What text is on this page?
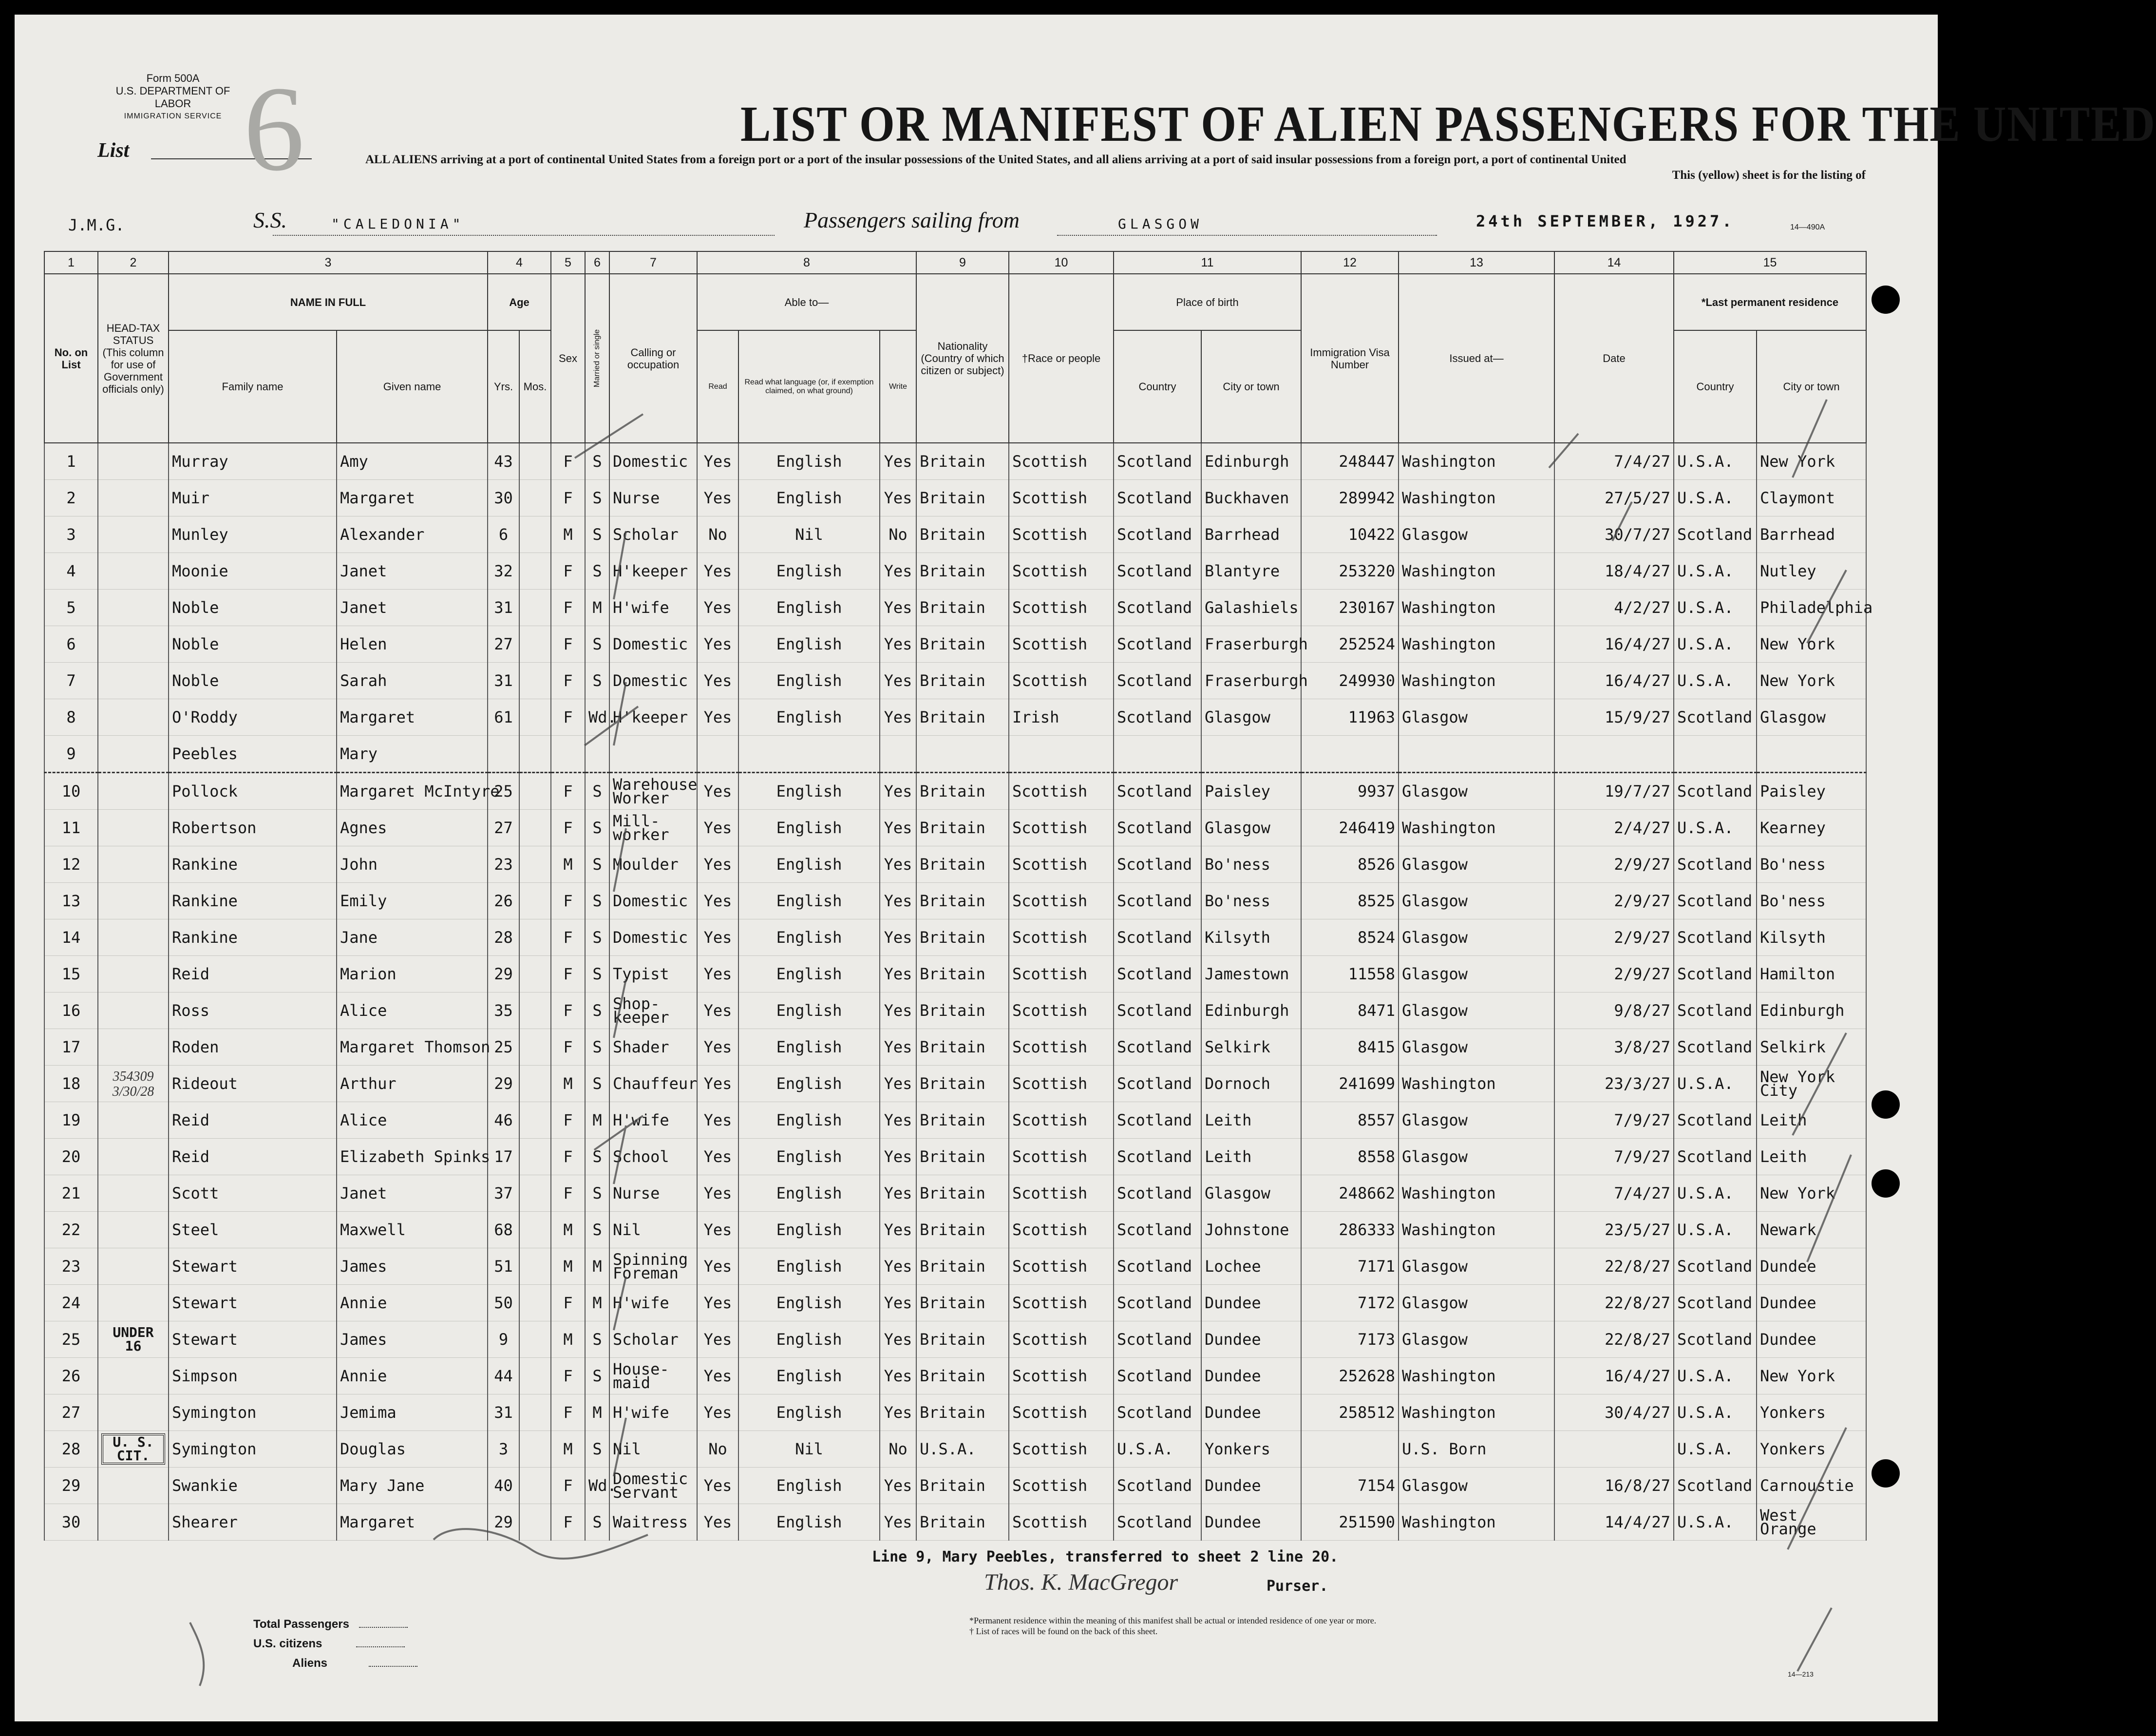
Form 500A
U.S. DEPARTMENT OF LABOR
IMMIGRATION SERVICE
List 6	LIST OR MANIFEST OF ALIEN PASSENGERS FOR THE UNITED
ALL ALIENS arriving at a port of continental United States from a foreign port or a port of the insular possessions of the United States, and all aliens arriving at a port of said insular possessions from a foreign port, a port of continental United
This (yellow) sheet is for the listing of
J.M.G.	S.S.	"CALEDONIA"	Passengers sailing from	GLASGOW	24th SEPTEMBER, 1927.	14—490A
1	2	3		4		5	6	7	8			9	10	11		12	13	14	15	
No. on List	HEAD-TAX STATUS
(This column for use of Government officials only)	NAME IN FULL		Age		Sex	Married or single	Calling or occupation	Able to—			Nationality (Country of which citizen or subject)	†Race or people	Place of birth		Immigration Visa Number	Issued at—	Date	*Last permanent residence	
		Family name	Given name	Yrs.	Mos.				Read	Read what language (or, if exemption claimed, on what ground)	Write			Country	City or town				Country	City or town
1		Murray	Amy	43		F	S	Domestic	Yes	English	Yes	Britain	Scottish	Scotland	Edinburgh	248447	Washington	7/4/27	U.S.A.	New York
2		Muir	Margaret	30		F	S	Nurse	Yes	English	Yes	Britain	Scottish	Scotland	Buckhaven	289942	Washington	27/5/27	U.S.A.	Claymont
3		Munley	Alexander	6		M	S	Scholar	No	Nil	No	Britain	Scottish	Scotland	Barrhead	10422	Glasgow	30/7/27	Scotland	Barrhead
4		Moonie	Janet	32		F	S	H'keeper	Yes	English	Yes	Britain	Scottish	Scotland	Blantyre	253220	Washington	18/4/27	U.S.A.	Nutley
5		Noble	Janet	31		F	M	H'wife	Yes	English	Yes	Britain	Scottish	Scotland	Galashiels	230167	Washington	4/2/27	U.S.A.	Philadelphia
6		Noble	Helen	27		F	S	Domestic	Yes	English	Yes	Britain	Scottish	Scotland	Fraserburgh	252524	Washington	16/4/27	U.S.A.	New York
7		Noble	Sarah	31		F	S	Domestic	Yes	English	Yes	Britain	Scottish	Scotland	Fraserburgh	249930	Washington	16/4/27	U.S.A.	New York
8		O'Roddy	Margaret	61		F	Wd.	H'keeper	Yes	English	Yes	Britain	Irish	Scotland	Glasgow	11963	Glasgow	15/9/27	Scotland	Glasgow
9		Peebles	Mary																	
10		Pollock	Margaret McIntyre	25		F	S	Warehouse Worker	Yes	English	Yes	Britain	Scottish	Scotland	Paisley	9937	Glasgow	19/7/27	Scotland	Paisley
11		Robertson	Agnes	27		F	S	Mill-worker	Yes	English	Yes	Britain	Scottish	Scotland	Glasgow	246419	Washington	2/4/27	U.S.A.	Kearney
12		Rankine	John	23		M	S	Moulder	Yes	English	Yes	Britain	Scottish	Scotland	Bo'ness	8526	Glasgow	2/9/27	Scotland	Bo'ness
13		Rankine	Emily	26		F	S	Domestic	Yes	English	Yes	Britain	Scottish	Scotland	Bo'ness	8525	Glasgow	2/9/27	Scotland	Bo'ness
14		Rankine	Jane	28		F	S	Domestic	Yes	English	Yes	Britain	Scottish	Scotland	Kilsyth	8524	Glasgow	2/9/27	Scotland	Kilsyth
15		Reid	Marion	29		F	S	Typist	Yes	English	Yes	Britain	Scottish	Scotland	Jamestown	11558	Glasgow	2/9/27	Scotland	Hamilton
16		Ross	Alice	35		F	S	Shop-keeper	Yes	English	Yes	Britain	Scottish	Scotland	Edinburgh	8471	Glasgow	9/8/27	Scotland	Edinburgh
17		Roden	Margaret Thomson	25		F	S	Shader	Yes	English	Yes	Britain	Scottish	Scotland	Selkirk	8415	Glasgow	3/8/27	Scotland	Selkirk
18	354309 3/30/28	Rideout	Arthur	29		M	S	Chauffeur	Yes	English	Yes	Britain	Scottish	Scotland	Dornoch	241699	Washington	23/3/27	U.S.A.	New York City
19		Reid	Alice	46		F	M	H'wife	Yes	English	Yes	Britain	Scottish	Scotland	Leith	8557	Glasgow	7/9/27	Scotland	Leith
20		Reid	Elizabeth Spinks	17		F	S	School	Yes	English	Yes	Britain	Scottish	Scotland	Leith	8558	Glasgow	7/9/27	Scotland	Leith
21		Scott	Janet	37		F	S	Nurse	Yes	English	Yes	Britain	Scottish	Scotland	Glasgow	248662	Washington	7/4/27	U.S.A.	New York
22		Steel	Maxwell	68		M	S	Nil	Yes	English	Yes	Britain	Scottish	Scotland	Johnstone	286333	Washington	23/5/27	U.S.A.	Newark
23		Stewart	James	51		M	M	Spinning Foreman	Yes	English	Yes	Britain	Scottish	Scotland	Lochee	7171	Glasgow	22/8/27	Scotland	Dundee
24		Stewart	Annie	50		F	M	H'wife	Yes	English	Yes	Britain	Scottish	Scotland	Dundee	7172	Glasgow	22/8/27	Scotland	Dundee
25	UNDER 16	Stewart	James	9		M	S	Scholar	Yes	English	Yes	Britain	Scottish	Scotland	Dundee	7173	Glasgow	22/8/27	Scotland	Dundee
26		Simpson	Annie	44		F	S	House-maid	Yes	English	Yes	Britain	Scottish	Scotland	Dundee	252628	Washington	16/4/27	U.S.A.	New York
27		Symington	Jemima	31		F	M	H'wife	Yes	English	Yes	Britain	Scottish	Scotland	Dundee	258512	Washington	30/4/27	U.S.A.	Yonkers
28	U. S. CIT.	Symington	Douglas	3		M	S	Nil	No	Nil	No	U.S.A.	Scottish	U.S.A.	Yonkers		U.S. Born		U.S.A.	Yonkers
29		Swankie	Mary Jane	40		F	Wd.	Domestic Servant	Yes	English	Yes	Britain	Scottish	Scotland	Dundee	7154	Glasgow	16/8/27	Scotland	Carnoustie
30		Shearer	Margaret	29		F	S	Waitress	Yes	English	Yes	Britain	Scottish	Scotland	Dundee	251590	Washington	14/4/27	U.S.A.	West Orange
Line 9, Mary Peebles, transferred to sheet 2 line 20.
Thos. K. MacGregor	Purser.
Total Passengers
U.S. citizens
Aliens
*Permanent residence within the meaning of this manifest shall be actual or intended residence of one year or more.
† List of races will be found on the back of this sheet.
14—213
